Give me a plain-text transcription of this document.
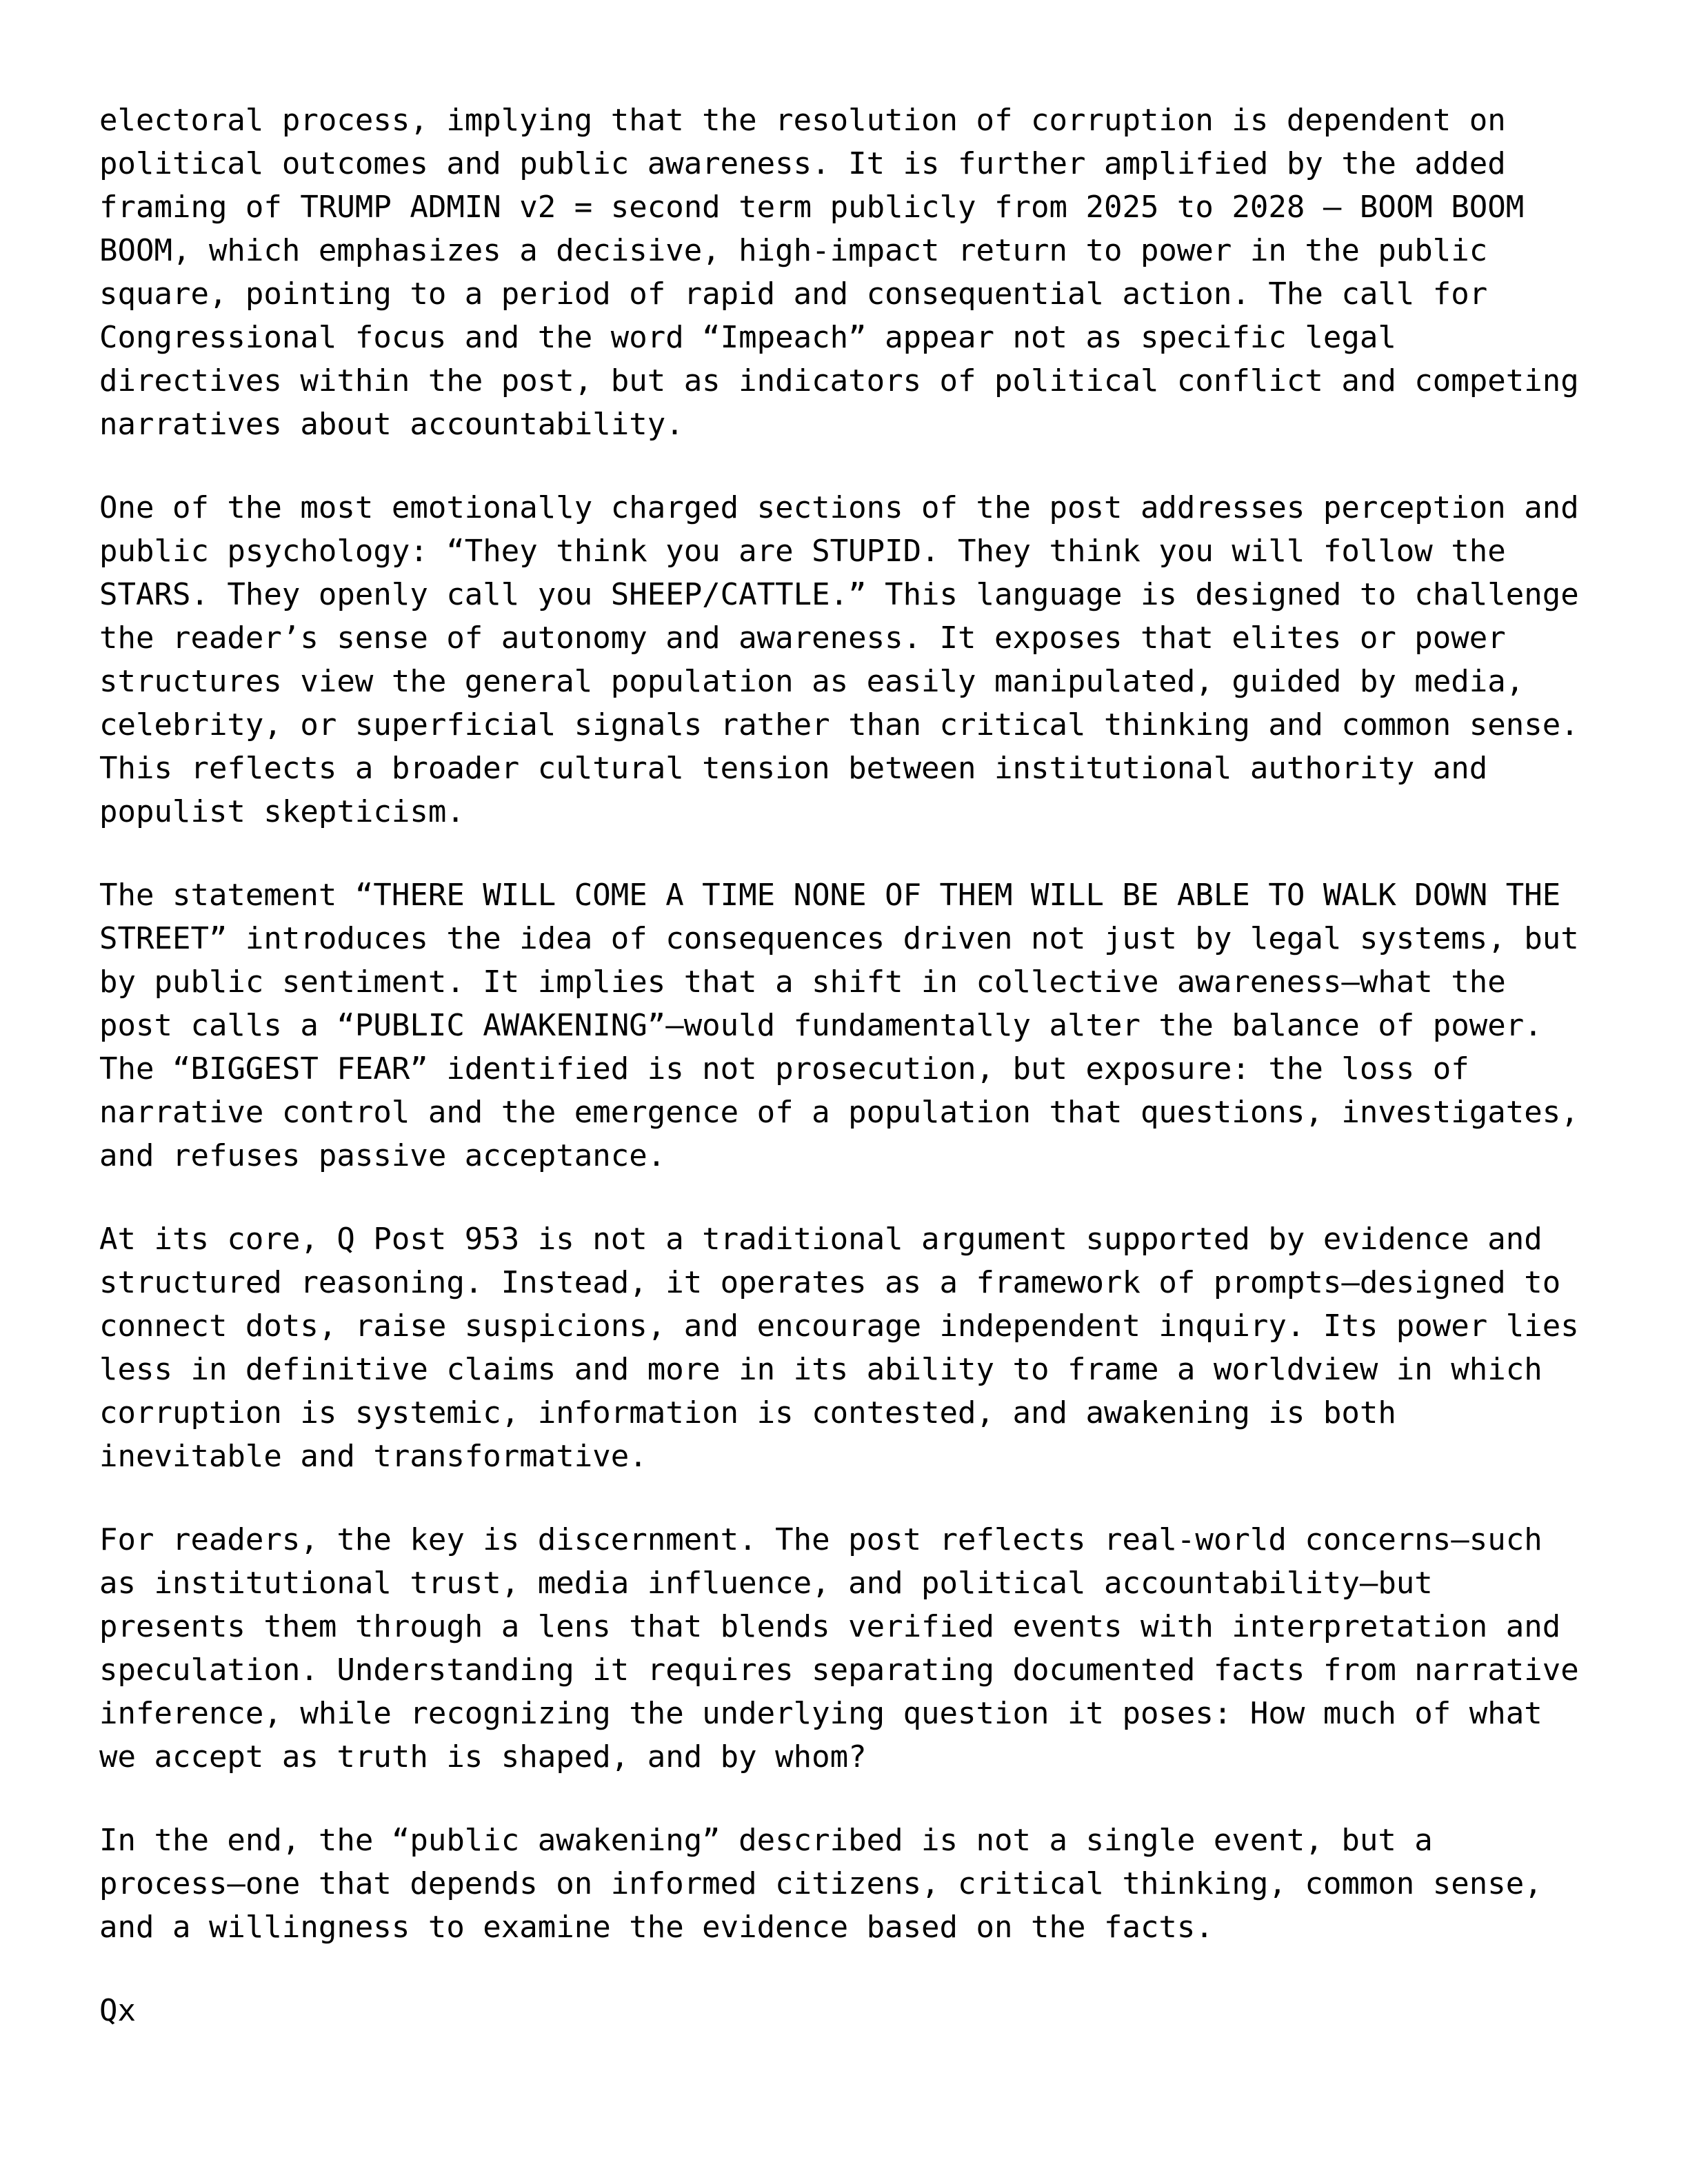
electoral process, implying that the resolution of corruption is dependent on
political outcomes and public awareness. It is further amplified by the added
framing of TRUMP ADMIN v2 = second term publicly from 2025 to 2028 — BOOM BOOM
BOOM, which emphasizes a decisive, high-impact return to power in the public
square, pointing to a period of rapid and consequential action. The call for
Congressional focus and the word “Impeach” appear not as specific legal
directives within the post, but as indicators of political conflict and competing
narratives about accountability.
One of the most emotionally charged sections of the post addresses perception and
public psychology: “They think you are STUPID. They think you will follow the
STARS. They openly call you SHEEP/CATTLE.” This language is designed to challenge
the reader’s sense of autonomy and awareness. It exposes that elites or power
structures view the general population as easily manipulated, guided by media,
celebrity, or superficial signals rather than critical thinking and common sense.
This reflects a broader cultural tension between institutional authority and
populist skepticism.
The statement “THERE WILL COME A TIME NONE OF THEM WILL BE ABLE TO WALK DOWN THE
STREET” introduces the idea of consequences driven not just by legal systems, but
by public sentiment. It implies that a shift in collective awareness—what the
post calls a “PUBLIC AWAKENING”—would fundamentally alter the balance of power.
The “BIGGEST FEAR” identified is not prosecution, but exposure: the loss of
narrative control and the emergence of a population that questions, investigates,
and refuses passive acceptance.
At its core, Q Post 953 is not a traditional argument supported by evidence and
structured reasoning. Instead, it operates as a framework of prompts—designed to
connect dots, raise suspicions, and encourage independent inquiry. Its power lies
less in definitive claims and more in its ability to frame a worldview in which
corruption is systemic, information is contested, and awakening is both
inevitable and transformative.
For readers, the key is discernment. The post reflects real-world concerns—such
as institutional trust, media influence, and political accountability—but
presents them through a lens that blends verified events with interpretation and
speculation. Understanding it requires separating documented facts from narrative
inference, while recognizing the underlying question it poses: How much of what
we accept as truth is shaped, and by whom?
In the end, the “public awakening” described is not a single event, but a
process—one that depends on informed citizens, critical thinking, common sense,
and a willingness to examine the evidence based on the facts.
Qx
